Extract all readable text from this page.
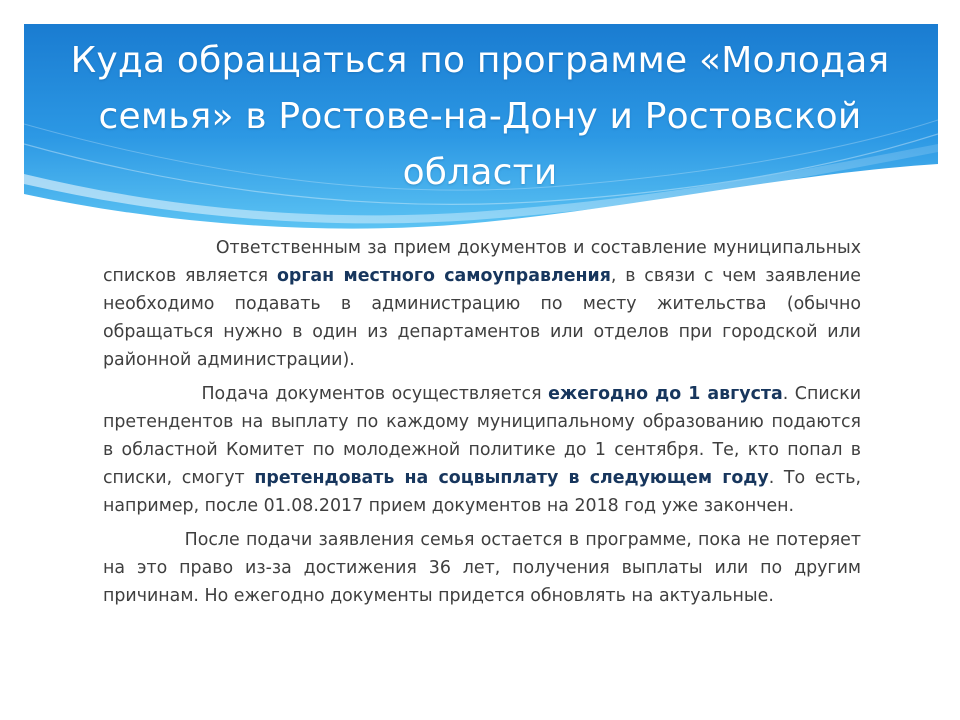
Куда обращаться по программе «Молодая семья» в Ростове-на-Дону и Ростовской области

Ответственным за прием документов и составление муниципальных списков является орган местного самоуправления, в связи с чем заявление необходимо подавать в администрацию по месту жительства (обычно обращаться нужно в один из департаментов или отделов при городской или районной администрации).

Подача документов осуществляется ежегодно до 1 августа. Списки претендентов на выплату по каждому муниципальному образованию подаются в областной Комитет по молодежной политике до 1 сентября. Те, кто попал в списки, смогут претендовать на соцвыплату в следующем году. То есть, например, после 01.08.2017 прием документов на 2018 год уже закончен.

После подачи заявления семья остается в программе, пока не потеряет на это право из-за достижения 36 лет, получения выплаты или по другим причинам. Но ежегодно документы придется обновлять на актуальные.
